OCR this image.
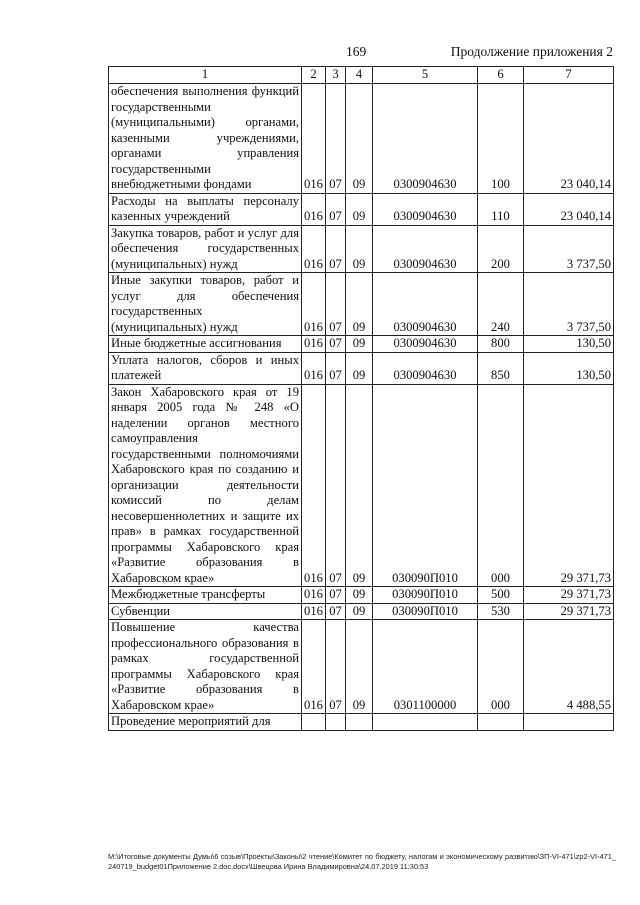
169	Продолжение приложения 2
1	2	3	4	5	6	7
обеспечения выполнения функций государственными (муниципальными) органами, казенными учреждениями, органами управления государственными внебюджетными фондами	016	07	09	0300904630	100	23 040,14
Расходы на выплаты персоналу казенных учреждений	016	07	09	0300904630	110	23 040,14
Закупка товаров, работ и услуг для обеспечения государственных (муниципальных) нужд	016	07	09	0300904630	200	3 737,50
Иные закупки товаров, работ и услуг для обеспечения государственных (муниципальных) нужд	016	07	09	0300904630	240	3 737,50
Иные бюджетные ассигнования	016	07	09	0300904630	800	130,50
Уплата налогов, сборов и иных платежей	016	07	09	0300904630	850	130,50
Закон Хабаровского края от 19 января 2005 года № 248 «О наделении органов местного самоуправления государственными полномочиями Хабаровского края по созданию и организации деятельности комиссий по делам несовершеннолетних и защите их прав» в рамках государственной программы Хабаровского края «Развитие образования в Хабаровском крае»	016	07	09	030090П010	000	29 371,73
Межбюджетные трансферты	016	07	09	030090П010	500	29 371,73
Субвенции	016	07	09	030090П010	530	29 371,73
Повышение качества профессионального образования в рамках государственной программы Хабаровского края «Развитие образования в Хабаровском крае»	016	07	09	0301100000	000	4 488,55
Проведение мероприятий для						
M:\Итоговые документы Думы\6 созыв\Проекты\Законы\2 чтение\Комитет по бюджету, налогам и экономическому развитию\ЗП-VI-471\zp2-VI-471_240719_budget01Приложение 2.doc.docx\Швецова Ирина Владимировна\24.07.2019 11:30:53
